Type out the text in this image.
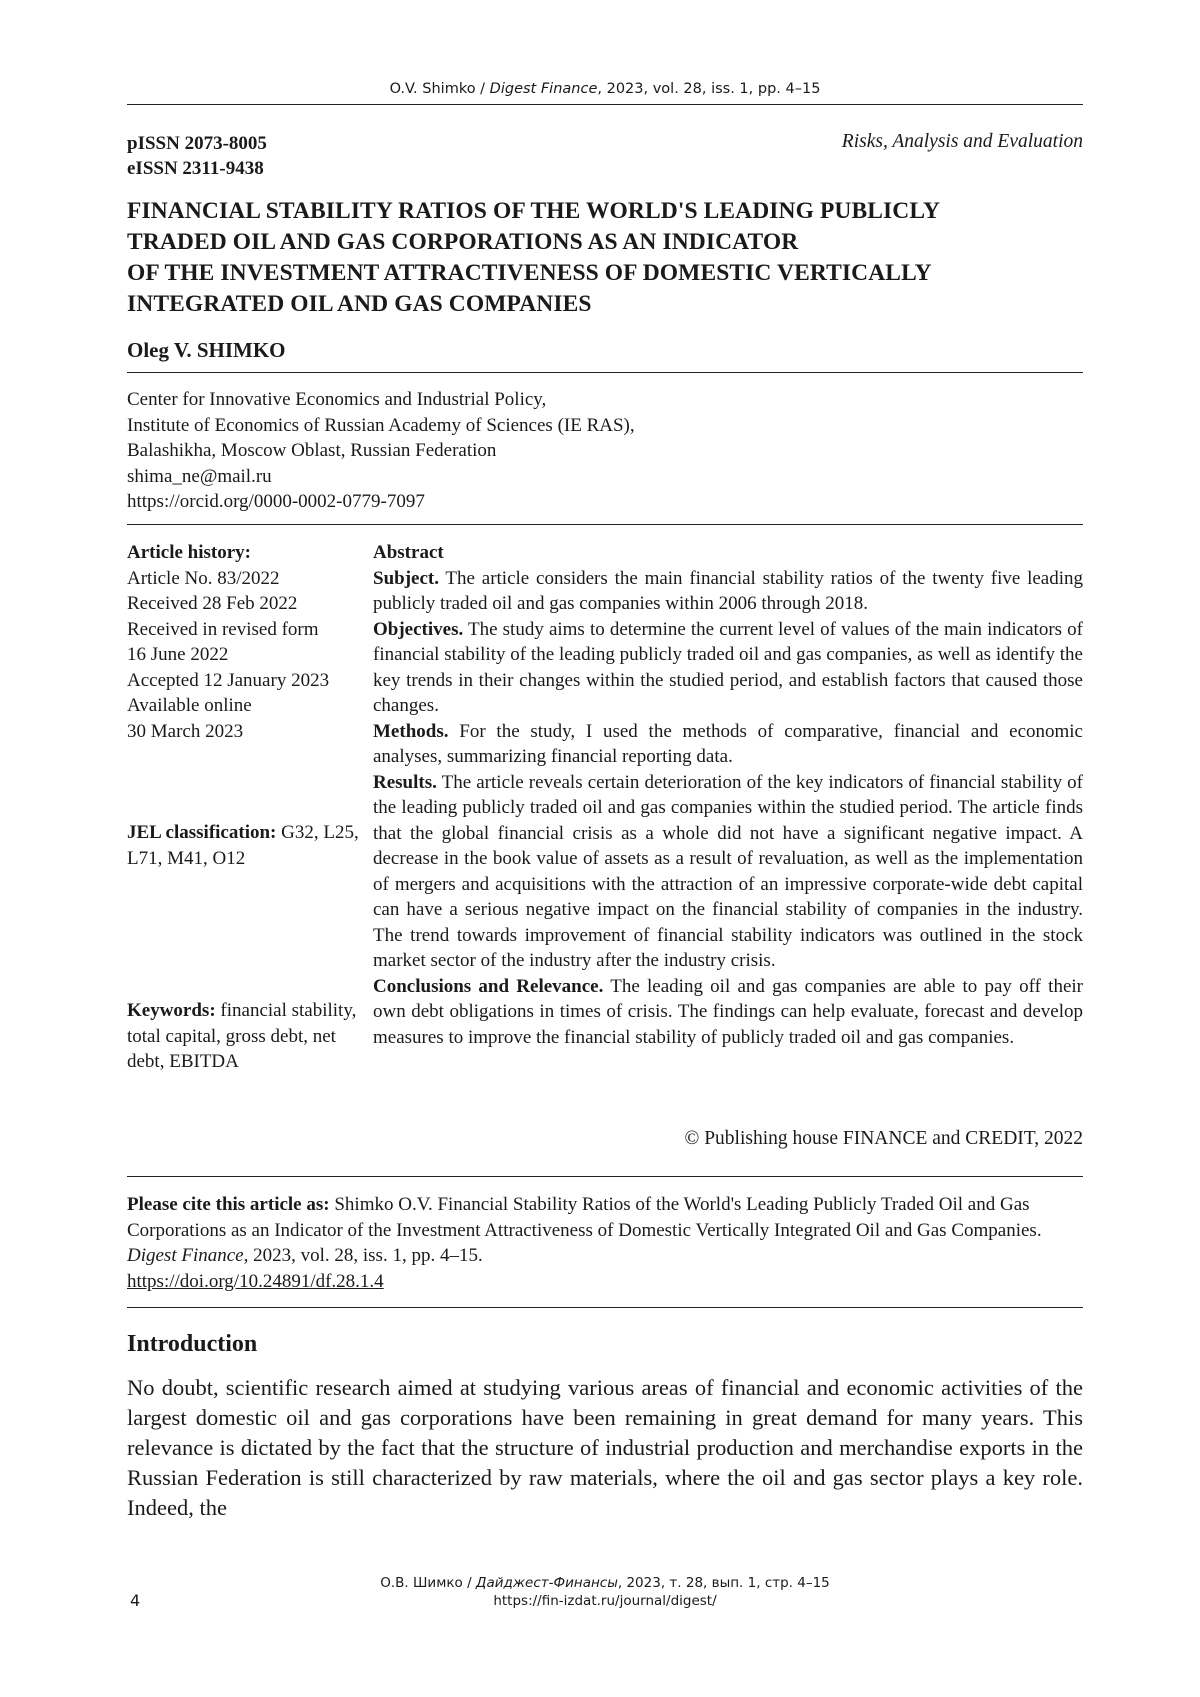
O.V. Shimko / Digest Finance, 2023, vol. 28, iss. 1, pp. 4–15
pISSN 2073-8005
eISSN 2311-9438
Risks, Analysis and Evaluation
FINANCIAL STABILITY RATIOS OF THE WORLD'S LEADING PUBLICLY
TRADED OIL AND GAS CORPORATIONS AS AN INDICATOR
OF THE INVESTMENT ATTRACTIVENESS OF DOMESTIC VERTICALLY
INTEGRATED OIL AND GAS COMPANIES
Oleg V. SHIMKO
Center for Innovative Economics and Industrial Policy,
Institute of Economics of Russian Academy of Sciences (IE RAS),
Balashikha, Moscow Oblast, Russian Federation
shima_ne@mail.ru
https://orcid.org/0000-0002-0779-7097
Article history:
Article No. 83/2022
Received 28 Feb 2022
Received in revised form
16 June 2022
Accepted 12 January 2023
Available online
30 March 2023
JEL classification: G32, L25, L71, M41, O12
Keywords: financial stability, total capital, gross debt, net debt, EBITDA

Abstract

Subject. The article considers the main financial stability ratios of the twenty five leading publicly traded oil and gas companies within 2006 through 2018.

Objectives. The study aims to determine the current level of values of the main indicators of financial stability of the leading publicly traded oil and gas companies, as well as identify the key trends in their changes within the studied period, and establish factors that caused those changes.

Methods. For the study, I used the methods of comparative, financial and economic analyses, summarizing financial reporting data.

Results. The article reveals certain deterioration of the key indicators of financial stability of the leading publicly traded oil and gas companies within the studied period. The article finds that the global financial crisis as a whole did not have a significant negative impact. A decrease in the book value of assets as a result of revaluation, as well as the implementation of mergers and acquisitions with the attraction of an impressive corporate-wide debt capital can have a serious negative impact on the financial stability of companies in the industry. The trend towards improvement of financial stability indicators was outlined in the stock market sector of the industry after the industry crisis.

Conclusions and Relevance. The leading oil and gas companies are able to pay off their own debt obligations in times of crisis. The findings can help evaluate, forecast and develop measures to improve the financial stability of publicly traded oil and gas companies.

© Publishing house FINANCE and CREDIT, 2022
Please cite this article as: Shimko O.V. Financial Stability Ratios of the World's Leading Publicly Traded Oil and Gas Corporations as an Indicator of the Investment Attractiveness of Domestic Vertically Integrated Oil and Gas Companies. Digest Finance, 2023, vol. 28, iss. 1, pp. 4–15.
https://doi.org/10.24891/df.28.1.4
Introduction

No doubt, scientific research aimed at studying various areas of financial and economic activities of the largest domestic oil and gas corporations have been remaining in great demand for many years. This relevance is dictated by the fact that the structure of industrial production and merchandise exports in the Russian Federation is still characterized by raw materials, where the oil and gas sector plays a key role. Indeed, the

О.В. Шимко / Дайджест-Финансы, 2023, т. 28, вып. 1, стр. 4–15
https://fin-izdat.ru/journal/digest/
4
